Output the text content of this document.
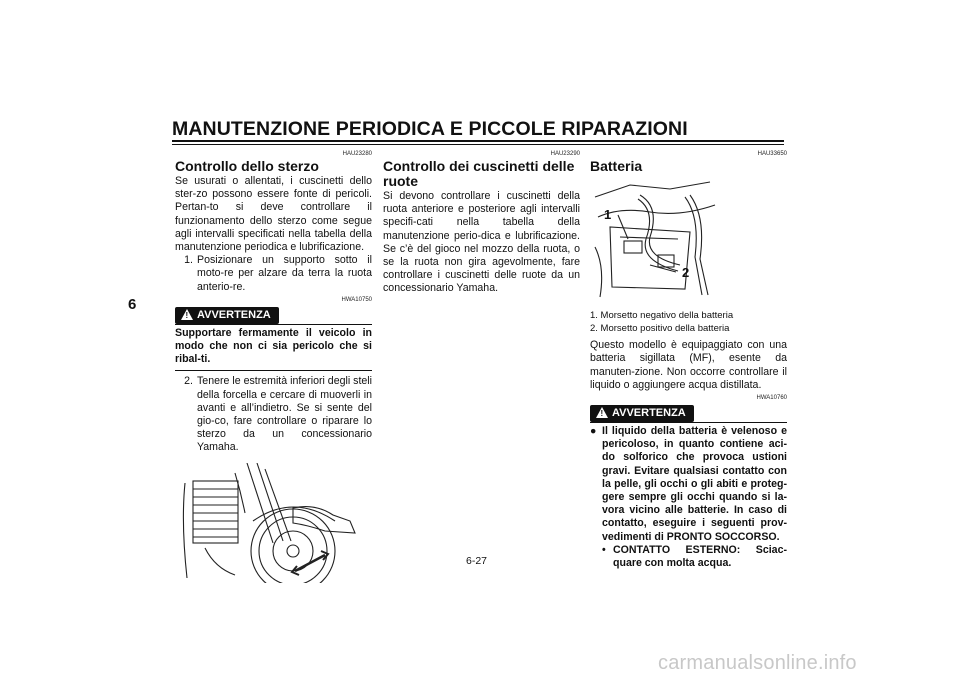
MANUTENZIONE PERIODICA E PICCOLE RIPARAZIONI
6
HAU23280
Controllo dello sterzo

Se usurati o allentati, i cuscinetti dello ster-zo possono essere fonte di pericoli. Pertan-to si deve controllare il funzionamento dello sterzo come segue agli intervalli specificati nella tabella della manutenzione periodica e lubrificazione.

1. Posizionare un supporto sotto il moto-re per alzare da terra la ruota anterio-re.
HWA10750
! AVVERTENZA

Supportare fermamente il veicolo in modo che non ci sia pericolo che si ribal-ti.

2. Tenere le estremità inferiori degli steli della forcella e cercare di muoverli in avanti e all’indietro. Se si sente del gio-co, fare controllare o riparare lo sterzo da un concessionario Yamaha.
HAU23290
Controllo dei cuscinetti delle ruote

Si devono controllare i cuscinetti della ruota anteriore e posteriore agli intervalli specifi-cati nella tabella della manutenzione perio-dica e lubrificazione. Se c’è del gioco nel mozzo della ruota, o se la ruota non gira agevolmente, fare controllare i cuscinetti delle ruote da un concessionario Yamaha.

HAU33650
Batteria
1
2
1. Morsetto negativo della batteria
2. Morsetto positivo della batteria

Questo modello è equipaggiato con una batteria sigillata (MF), esente da manuten-zione. Non occorre controllare il liquido o aggiungere acqua distillata.

HWA10760
! AVVERTENZA
● Il liquido della batteria è velenoso e pericoloso, in quanto contiene aci-do solforico che provoca ustioni gravi. Evitare qualsiasi contatto con la pelle, gli occhi o gli abiti e proteg-gere sempre gli occhi quando si la-vora vicino alle batterie. In caso di contatto, eseguire i seguenti prov-vedimenti di PRONTO SOCCORSO.
• CONTATTO ESTERNO: Sciac-quare con molta acqua.
6-27
carmanualsonline.info
